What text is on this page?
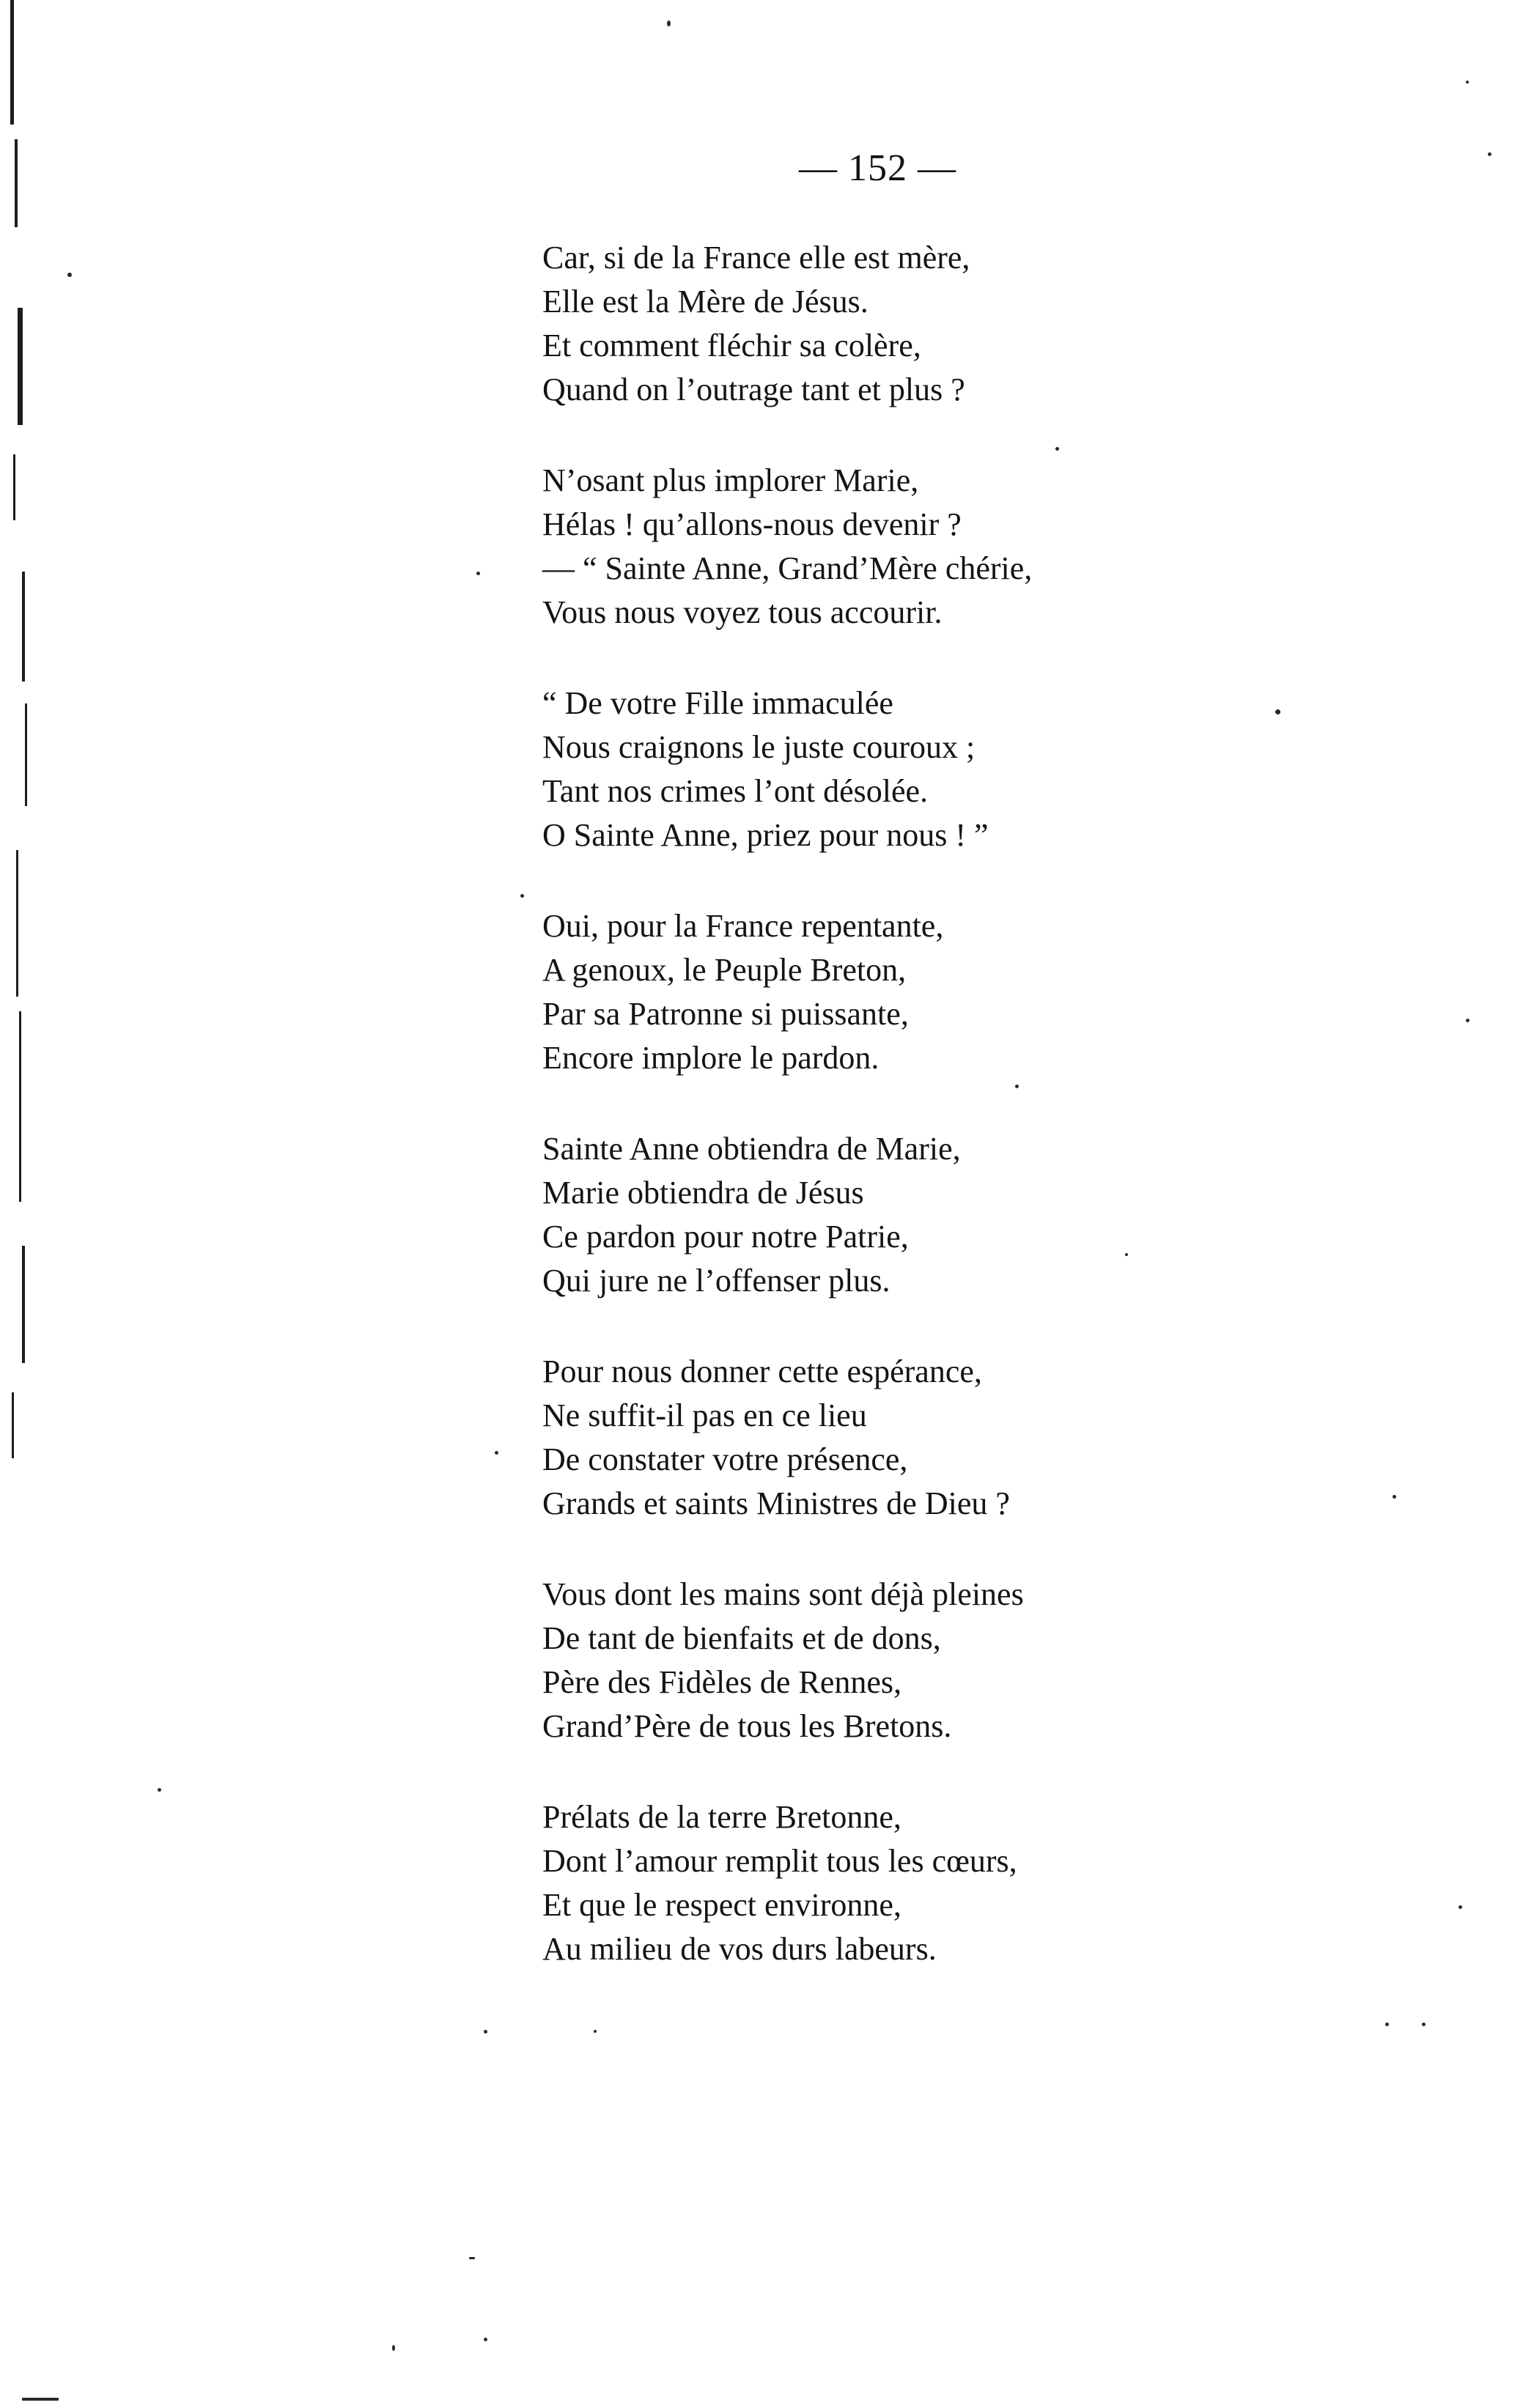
— 152 —
Car, si de la France elle est mère,
Elle est la Mère de Jésus.
Et comment fléchir sa colère,
Quand on l’outrage tant et plus ?
N’osant plus implorer Marie,
Hélas ! qu’allons-nous devenir ?
— “ Sainte Anne, Grand’Mère chérie,
Vous nous voyez tous accourir.
“ De votre Fille immaculée
Nous craignons le juste couroux ;
Tant nos crimes l’ont désolée.
O Sainte Anne, priez pour nous ! ”
Oui, pour la France repentante,
A genoux, le Peuple Breton,
Par sa Patronne si puissante,
Encore implore le pardon.
Sainte Anne obtiendra de Marie,
Marie obtiendra de Jésus
Ce pardon pour notre Patrie,
Qui jure ne l’offenser plus.
Pour nous donner cette espérance,
Ne suffit-il pas en ce lieu
De constater votre présence,
Grands et saints Ministres de Dieu ?
Vous dont les mains sont déjà pleines
De tant de bienfaits et de dons,
Père des Fidèles de Rennes,
Grand’Père de tous les Bretons.
Prélats de la terre Bretonne,
Dont l’amour remplit tous les cœurs,
Et que le respect environne,
Au milieu de vos durs labeurs.
